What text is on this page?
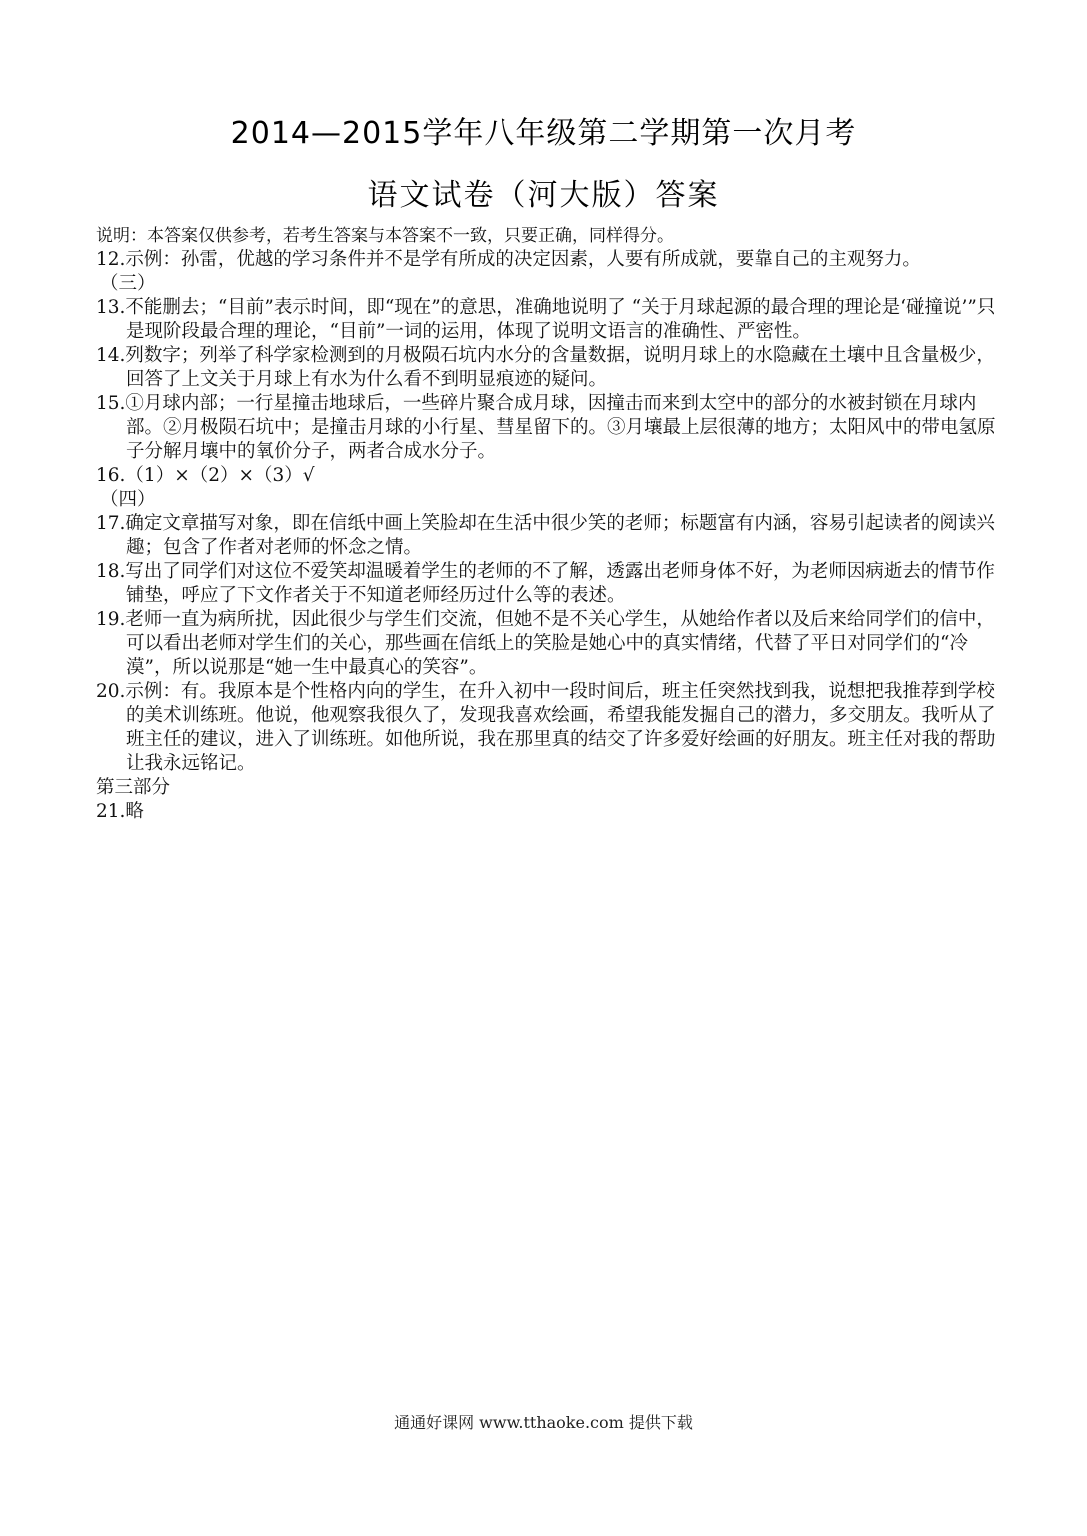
2014—2015学年八年级第二学期第一次月考
语文试卷（河大版）答案

说明：本答案仅供参考，若考生答案与本答案不一致，只要正确，同样得分。

12.示例：孙雷，优越的学习条件并不是学有所成的决定因素，人要有所成就，要靠自己的主观努力。

（三）

13.不能删去；“目前”表示时间，即“现在”的意思，准确地说明了 “关于月球起源的最合理的理论是‘碰撞说’”只是现阶段最合理的理论，“目前”一词的运用，体现了说明文语言的准确性、严密性。

14.列数字；列举了科学家检测到的月极陨石坑内水分的含量数据，说明月球上的水隐藏在土壤中且含量极少，回答了上文关于月球上有水为什么看不到明显痕迹的疑问。

15.①月球内部；一行星撞击地球后，一些碎片聚合成月球，因撞击而来到太空中的部分的水被封锁在月球内部。②月极陨石坑中；是撞击月球的小行星、彗星留下的。③月壤最上层很薄的地方；太阳风中的带电氢原子分解月壤中的氧价分子，两者合成水分子。

16.（1）×（2）×（3）√

（四）

17.确定文章描写对象，即在信纸中画上笑脸却在生活中很少笑的老师；标题富有内涵，容易引起读者的阅读兴趣；包含了作者对老师的怀念之情。

18.写出了同学们对这位不爱笑却温暖着学生的老师的不了解，透露出老师身体不好，为老师因病逝去的情节作铺垫，呼应了下文作者关于不知道老师经历过什么等的表述。

19.老师一直为病所扰，因此很少与学生们交流，但她不是不关心学生，从她给作者以及后来给同学们的信中，可以看出老师对学生们的关心，那些画在信纸上的笑脸是她心中的真实情绪，代替了平日对同学们的“冷漠”，所以说那是“她一生中最真心的笑容”。

20.示例：有。我原本是个性格内向的学生，在升入初中一段时间后，班主任突然找到我，说想把我推荐到学校的美术训练班。他说，他观察我很久了，发现我喜欢绘画，希望我能发掘自己的潜力，多交朋友。我听从了班主任的建议，进入了训练班。如他所说，我在那里真的结交了许多爱好绘画的好朋友。班主任对我的帮助让我永远铭记。

第三部分

21.略

通通好课网 www.tthaoke.com 提供下载
